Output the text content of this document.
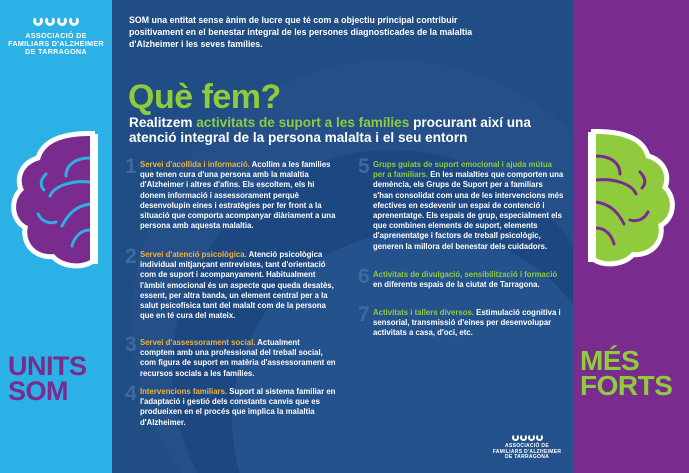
ASSOCIACIÓ DE
FAMILIARS D'ALZHEIMER
DE TARRAGONA
UNITS
SOM
MÉS
FORTS

SOM una entitat sense ànim de lucre que té com a objectiu principal contribuir positivament en el benestar integral de les persones diagnosticades de la malaltia d'Alzheimer i les seves famílies.

Què fem?

Realitzem activitats de suport a les famílies procurant així una atenció integral de la persona malalta i el seu entorn

1 Servei d'acollida i informació. Acollim a les famílies que tenen cura d'una persona amb la malaltia d'Alzheimer i altres d'afins. Els escoltem, els hi donem informació i assessorament perquè desenvolupin eines i estratègies per fer front a la situació que comporta acompanyar diàriament a una persona amb aquesta malaltia.
2 Servei d'atenció psicològica. Atenció psicològica individual mitjançant entrevistes, tant d'orientació com de suport i acompanyament. Habitualment l'àmbit emocional és un aspecte que queda desatès, essent, per altra banda, un element central per a la salut psicofísica tant del malalt com de la persona que en té cura del mateix.
3 Servei d'assessorament social. Actualment comptem amb una professional del treball social, com figura de suport en matèria d'assessorament en recursos socials a les famílies.
4 Intervencions familiars. Suport al sistema familiar en l'adaptació i gestió dels constants canvis que es produeixen en el procés que implica la malaltia d'Alzheimer.
5 Grups guiats de suport emocional i ajuda mútua per a familiars. En les malalties que comporten una demència, els Grups de Suport per a familiars s'han consolidat com una de les intervencions més efectives en esdevenir un espai de contenció i aprenentatge. Els espais de grup, especialment els que combinen elements de suport, elements d'aprenentatge i factors de treball psicològic, generen la millora del benestar dels cuidadors.
6 Activitats de divulgació, sensibilització i formació en diferents espais de la ciutat de Tarragona.
7 Activitats i tallers diversos. Estimulació cognitiva i sensorial, transmissió d'eines per desenvolupar activitats a casa, d'oci, etc.
ASSOCIACIÓ DE
FAMILIARS D'ALZHEIMER
DE TARRAGONA
